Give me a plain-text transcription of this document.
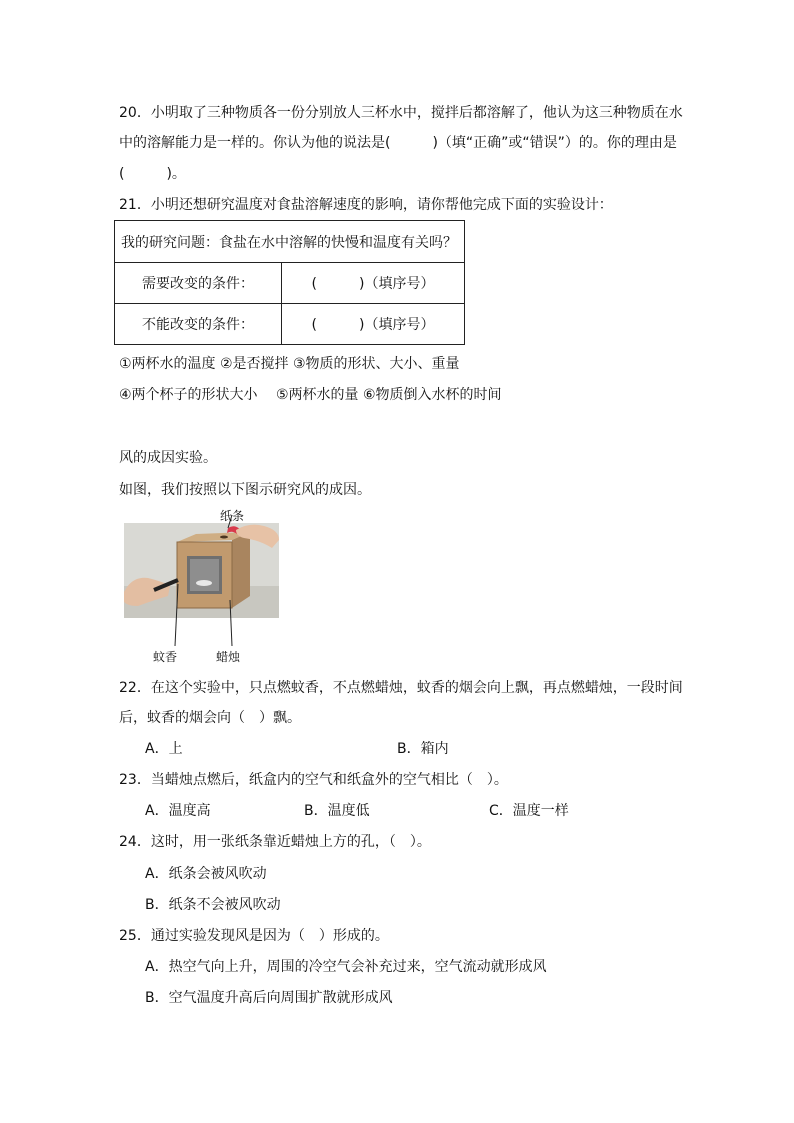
20．小明取了三种物质各一份分别放人三杯水中，搅拌后都溶解了，他认为这三种物质在水
中的溶解能力是一样的。你认为他的说法是(　　　)（填“正确”或“错误”）的。你的理由是
(　　　)。
21．小明还想研究温度对食盐溶解速度的影响，请你帮他完成下面的实验设计：
我的研究问题：食盐在水中溶解的快慢和温度有关吗？	
需要改变的条件：	(　　　)（填序号）
不能改变的条件：	(　　　)（填序号）
①两杯水的温度 ②是否搅拌 ③物质的形状、大小、重量
④两个杯子的形状大小　 ⑤两杯水的量 ⑥物质倒入水杯的时间
风的成因实验。
如图，我们按照以下图示研究风的成因。
纸条
蚊香	蜡烛
22．在这个实验中，只点燃蚊香，不点燃蜡烛，蚊香的烟会向上飘，再点燃蜡烛，一段时间
后，蚊香的烟会向（　）飘。
A．上	B．箱内
23．当蜡烛点燃后，纸盒内的空气和纸盒外的空气相比（　）。
A．温度高	B．温度低	C．温度一样
24．这时，用一张纸条靠近蜡烛上方的孔，（　）。
A．纸条会被风吹动
B．纸条不会被风吹动
25．通过实验发现风是因为（　）形成的。
A．热空气向上升，周围的冷空气会补充过来，空气流动就形成风
B．空气温度升高后向周围扩散就形成风
